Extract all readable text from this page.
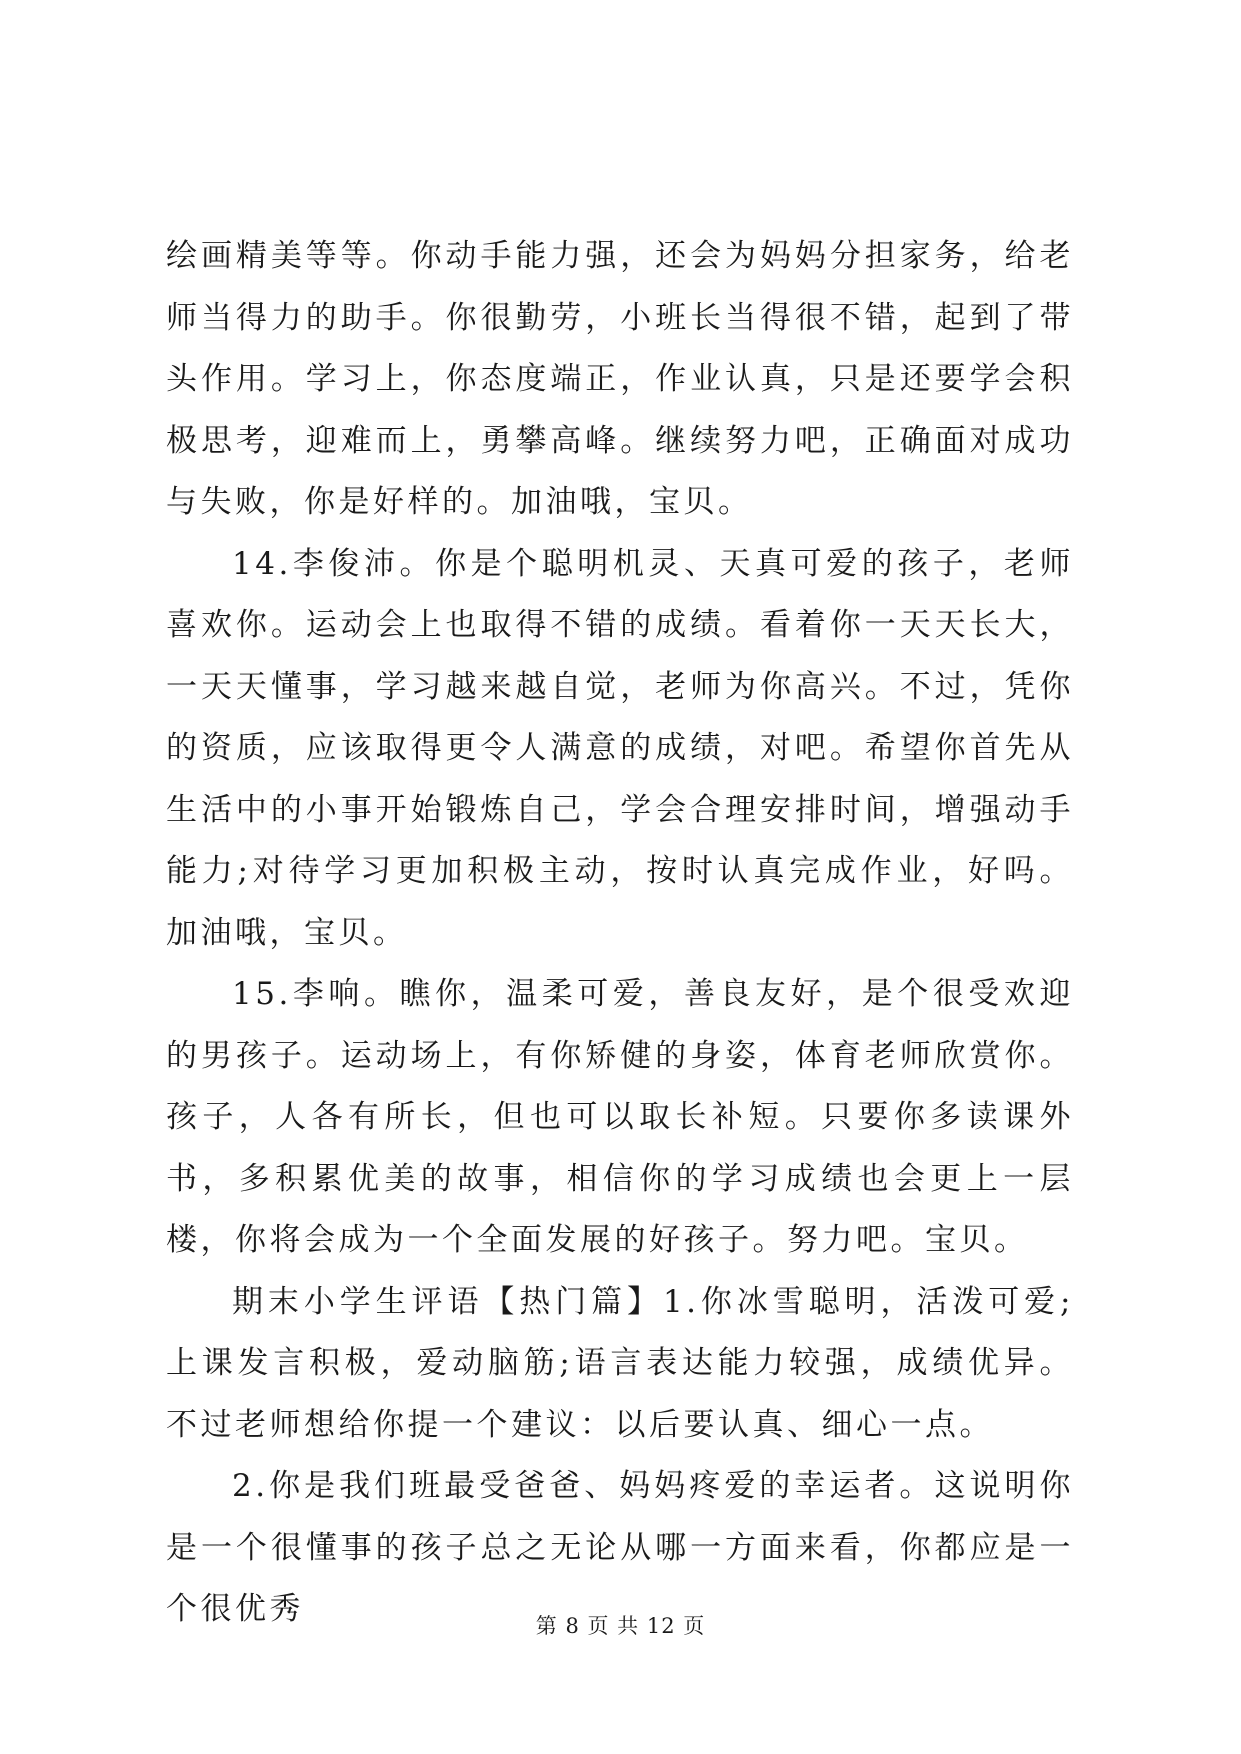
绘画精美等等。你动手能力强，还会为妈妈分担家务，给老师当得力的助手。你很勤劳，小班长当得很不错，起到了带头作用。学习上，你态度端正，作业认真，只是还要学会积极思考，迎难而上，勇攀高峰。继续努力吧，正确面对成功与失败，你是好样的。加油哦，宝贝。

14.李俊沛。你是个聪明机灵、天真可爱的孩子，老师喜欢你。运动会上也取得不错的成绩。看着你一天天长大，一天天懂事，学习越来越自觉，老师为你高兴。不过，凭你的资质，应该取得更令人满意的成绩，对吧。希望你首先从生活中的小事开始锻炼自己，学会合理安排时间，增强动手能力;对待学习更加积极主动，按时认真完成作业，好吗。加油哦，宝贝。

15.李响。瞧你，温柔可爱，善良友好，是个很受欢迎的男孩子。运动场上，有你矫健的身姿，体育老师欣赏你。孩子，人各有所长，但也可以取长补短。只要你多读课外书，多积累优美的故事，相信你的学习成绩也会更上一层楼，你将会成为一个全面发展的好孩子。努力吧。宝贝。

期末小学生评语【热门篇】1.你冰雪聪明，活泼可爱;上课发言积极，爱动脑筋;语言表达能力较强，成绩优异。不过老师想给你提一个建议：以后要认真、细心一点。

2.你是我们班最受爸爸、妈妈疼爱的幸运者。这说明你是一个很懂事的孩子总之无论从哪一方面来看，你都应是一个很优秀	第 8 页 共 12 页
